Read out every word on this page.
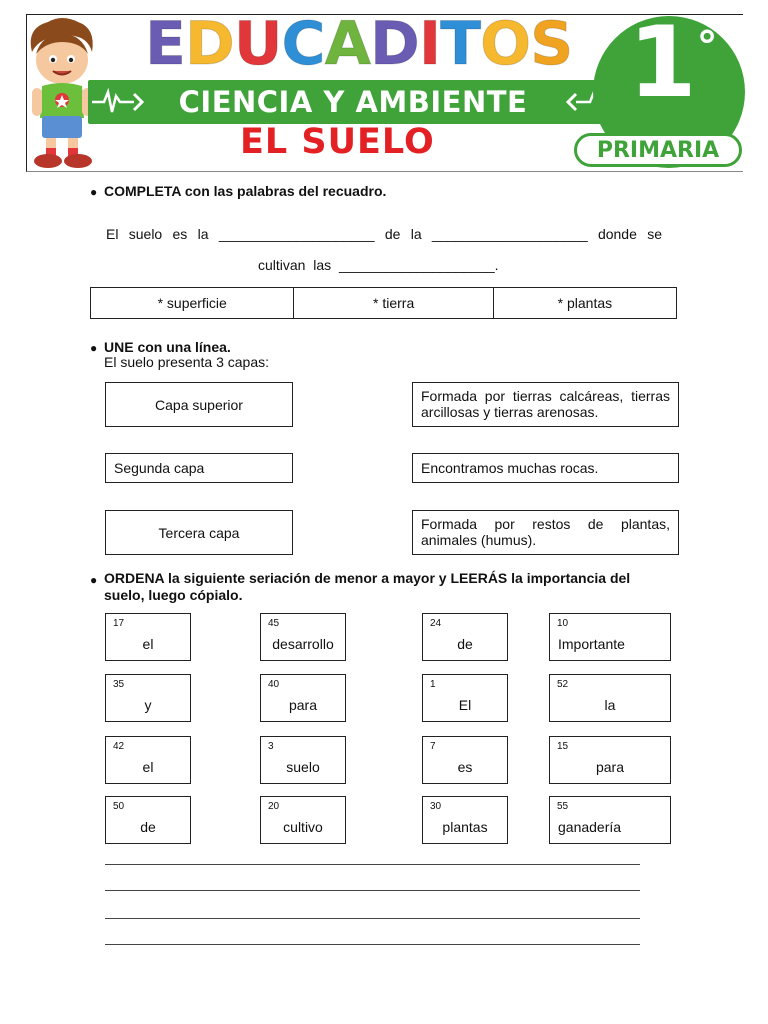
EDUCADITOS
CIENCIA Y AMBIENTE	1°
PRIMARIA
EL SUELO
● COMPLETA con las palabras del recuadro.
El suelo es la ____________________ de la ____________________ donde se
cultivan las ____________________.
* superficie	* tierra	* plantas
● UNE con una línea.
El suelo presenta 3 capas:
Capa superior
Segunda capa
Tercera capa
Formada por tierras calcáreas, tierras arcillosas y tierras arenosas.
Encontramos muchas rocas.
Formada por restos de plantas, animales (humus).
● ORDENA la siguiente seriación de menor a mayor y LEERÁS la importancia del suelo, luego cópialo.
17
el
45
desarrollo
24
de
10
Importante
35
y
40
para
1
El
52
la
42
el
3
suelo
7
es
15
para
50
de
20
cultivo
30
plantas
55
ganadería
